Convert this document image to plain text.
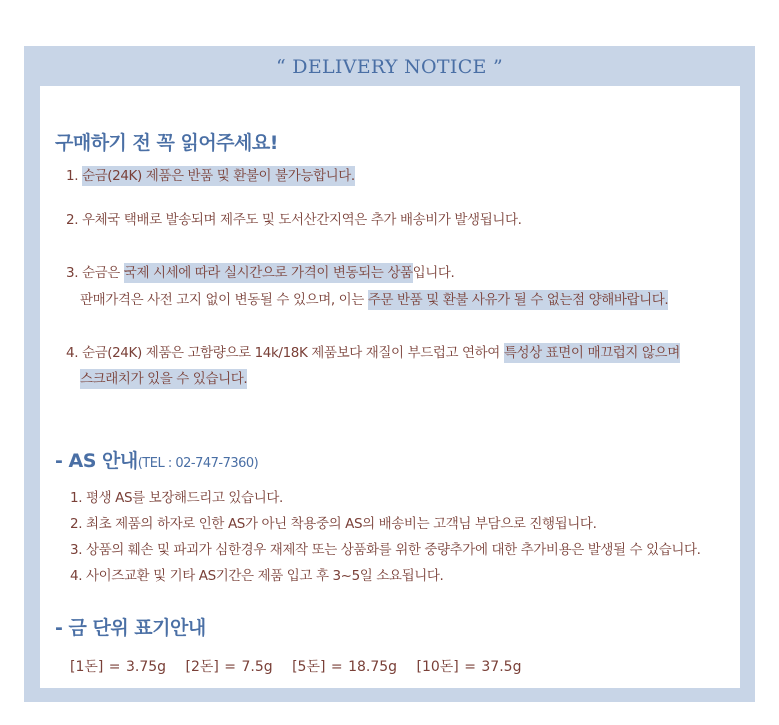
“ DELIVERY NOTICE ”
구매하기 전 꼭 읽어주세요!
1. 순금(24K) 제품은 반품 및 환불이 불가능합니다.
2. 우체국 택배로 발송되며 제주도 및 도서산간지역은 추가 배송비가 발생됩니다.
3. 순금은 국제 시세에 따라 실시간으로 가격이 변동되는 상품입니다.
판매가격은 사전 고지 없이 변동될 수 있으며, 이는 주문 반품 및 환불 사유가 될 수 없는점 양해바랍니다.
4. 순금(24K) 제품은 고함량으로 14k/18K 제품보다 재질이 부드럽고 연하여 특성상 표면이 매끄럽지 않으며
스크래치가 있을 수 있습니다.
- AS 안내(TEL : 02-747-7360)
1. 평생 AS를 보장해드리고 있습니다.
2. 최초 제품의 하자로 인한 AS가 아닌 착용중의 AS의 배송비는 고객님 부담으로 진행됩니다.
3. 상품의 훼손 및 파괴가 심한경우 재제작 또는 상품화를 위한 중량추가에 대한 추가비용은 발생될 수 있습니다.
4. 사이즈교환 및 기타 AS기간은 제품 입고 후 3~5일 소요됩니다.
- 금 단위 표기안내
[1돈] = 3.75g [2돈] = 7.5g [5돈] = 18.75g [10돈] = 37.5g
